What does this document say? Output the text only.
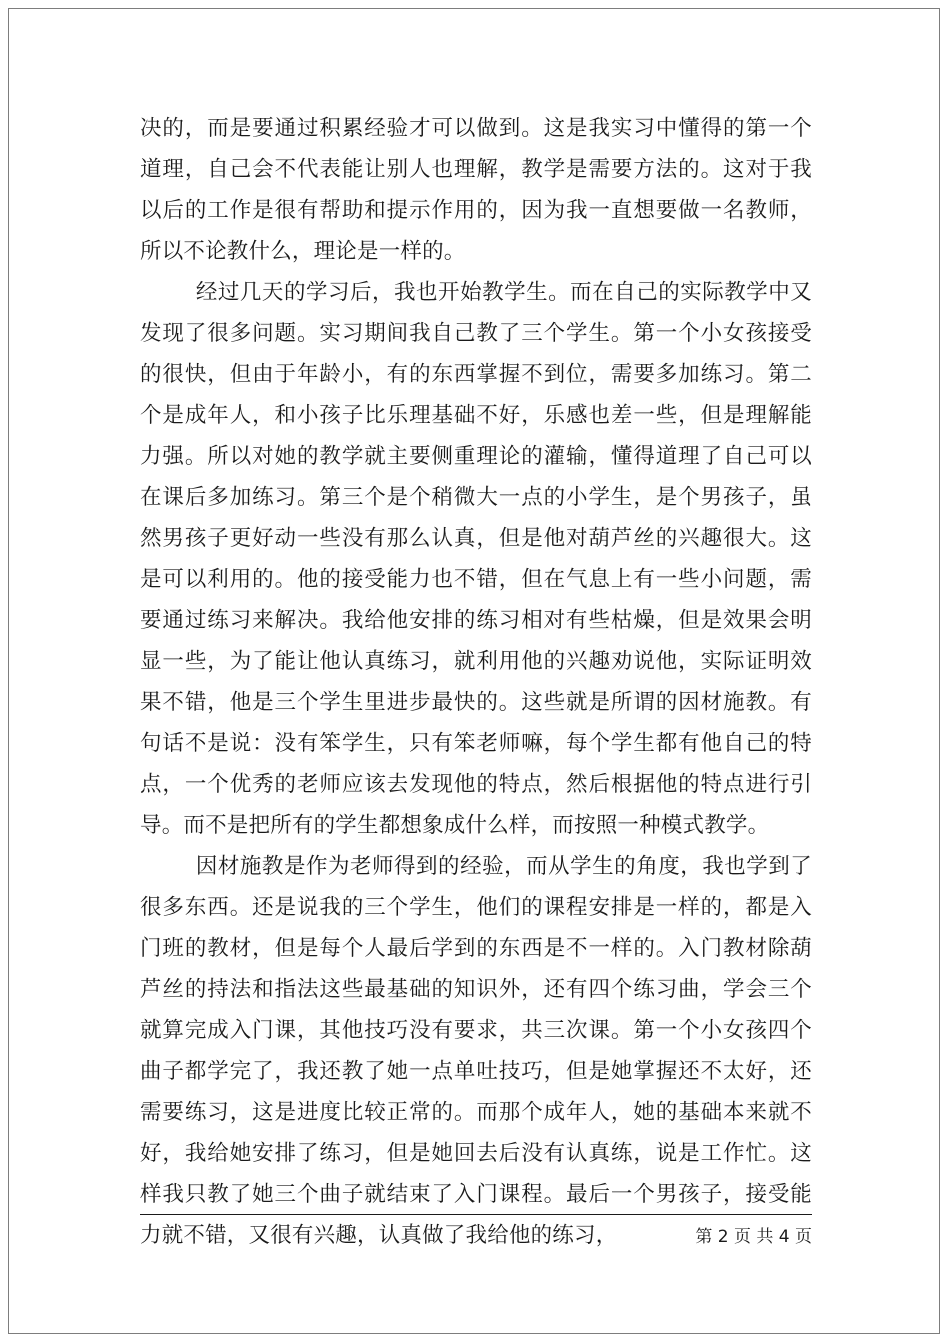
决的，而是要通过积累经验才可以做到。这是我实习中懂得的第一个道理，自己会不代表能让别人也理解，教学是需要方法的。这对于我以后的工作是很有帮助和提示作用的，因为我一直想要做一名教师，所以不论教什么，理论是一样的。

经过几天的学习后，我也开始教学生。而在自己的实际教学中又发现了很多问题。实习期间我自己教了三个学生。第一个小女孩接受的很快，但由于年龄小，有的东西掌握不到位，需要多加练习。第二个是成年人，和小孩子比乐理基础不好，乐感也差一些，但是理解能力强。所以对她的教学就主要侧重理论的灌输，懂得道理了自己可以在课后多加练习。第三个是个稍微大一点的小学生，是个男孩子，虽然男孩子更好动一些没有那么认真，但是他对葫芦丝的兴趣很大。这是可以利用的。他的接受能力也不错，但在气息上有一些小问题，需要通过练习来解决。我给他安排的练习相对有些枯燥，但是效果会明显一些，为了能让他认真练习，就利用他的兴趣劝说他，实际证明效果不错，他是三个学生里进步最快的。这些就是所谓的因材施教。有句话不是说：没有笨学生，只有笨老师嘛，每个学生都有他自己的特点，一个优秀的老师应该去发现他的特点，然后根据他的特点进行引导。而不是把所有的学生都想象成什么样，而按照一种模式教学。

因材施教是作为老师得到的经验，而从学生的角度，我也学到了很多东西。还是说我的三个学生，他们的课程安排是一样的，都是入门班的教材，但是每个人最后学到的东西是不一样的。入门教材除葫芦丝的持法和指法这些最基础的知识外，还有四个练习曲，学会三个就算完成入门课，其他技巧没有要求，共三次课。第一个小女孩四个曲子都学完了，我还教了她一点单吐技巧，但是她掌握还不太好，还需要练习，这是进度比较正常的。而那个成年人，她的基础本来就不好，我给她安排了练习，但是她回去后没有认真练，说是工作忙。这样我只教了她三个曲子就结束了入门课程。最后一个男孩子，接受能力就不错，又很有兴趣，认真做了我给他的练习，	第 2 页 共 4 页
